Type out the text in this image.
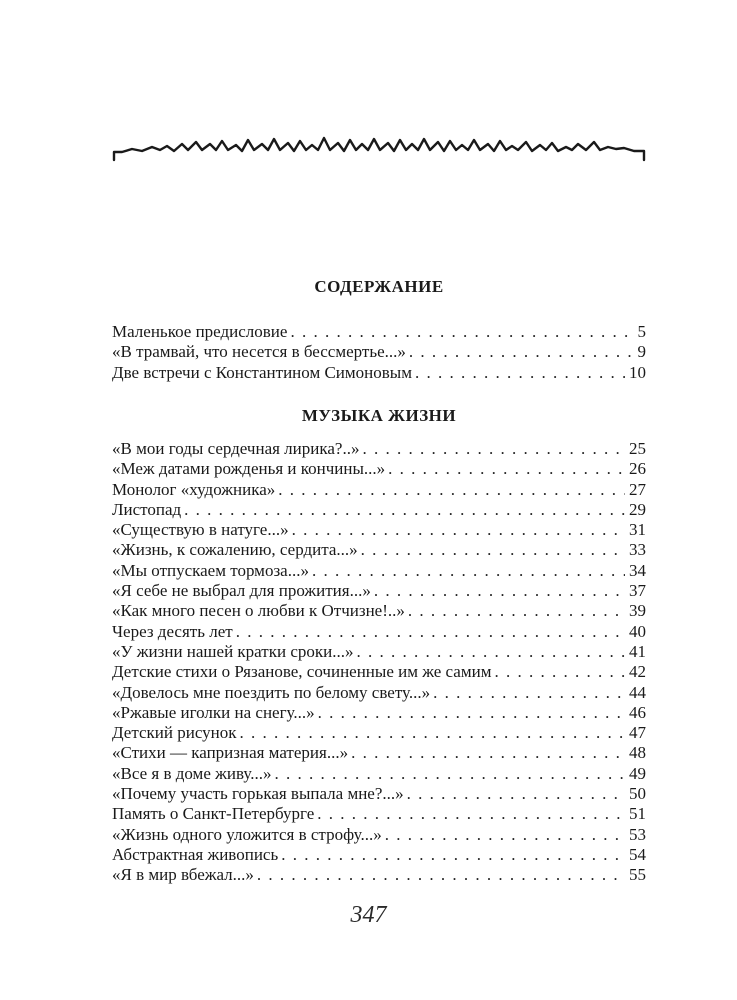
СОДЕРЖАНИЕ
Маленькое предисловие . . .	5
«В трамвай, что несется в бессмертье...» . . .	9
Две встречи с Константином Симоновым . . .	10
МУЗЫКА ЖИЗНИ
«В мои годы сердечная лирика?..» . . .	25
«Меж датами рожденья и кончины...» . . .	26
Монолог «художника» . . .	27
Листопад . . .	29
«Существую в натуге...» . . .	31
«Жизнь, к сожалению, сердита...» . . .	33
«Мы отпускаем тормоза...» . . .	34
«Я себе не выбрал для прожития...» . . .	37
«Как много песен о любви к Отчизне!..» . . .	39
Через десять лет . . .	40
«У жизни нашей кратки сроки...» . . .	41
Детские стихи о Рязанове, сочиненные им же самим . . .	42
«Довелось мне поездить по белому свету...» . . .	44
«Ржавые иголки на снегу...» . . .	46
Детский рисунок . . .	47
«Стихи — капризная материя...» . . .	48
«Все я в доме живу...» . . .	49
«Почему участь горькая выпала мне?...» . . .	50
Память о Санкт-Петербурге . . .	51
«Жизнь одного уложится в строфу...» . . .	53
Абстрактная живопись . . .	54
«Я в мир вбежал...» . . .	55
347
